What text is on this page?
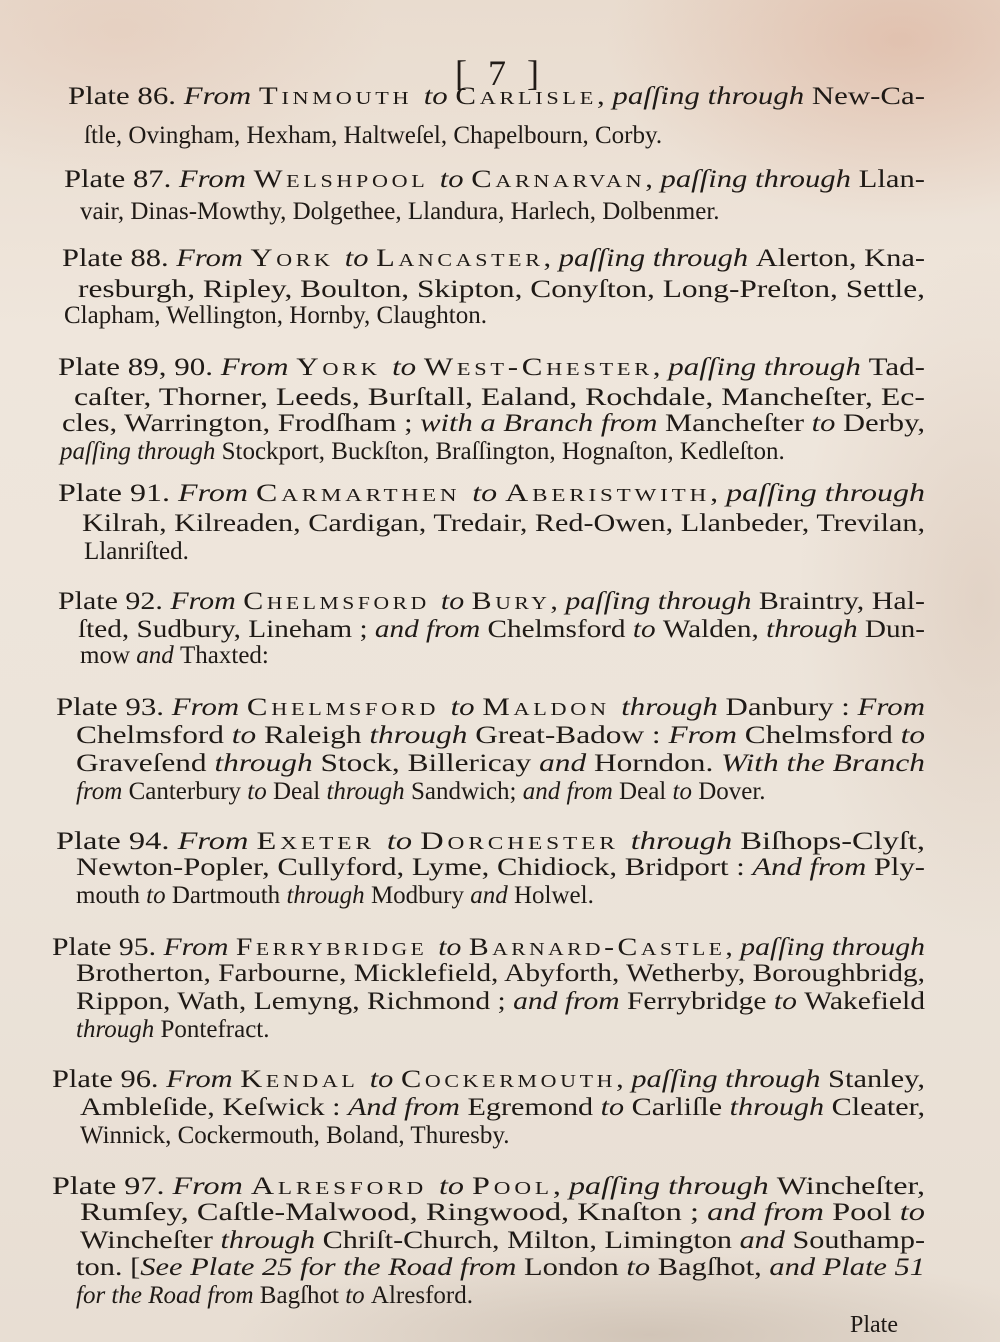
[ 7 ]
Plate 86. From Tinmouth to Carlisle, paſſing through New-Ca-
ſtle, Ovingham, Hexham, Haltweſel, Chapelbourn, Corby.
Plate 87. From Welshpool to Carnarvan, paſſing through Llan-
vair, Dinas-Mowthy, Dolgethee, Llandura, Harlech, Dolbenmer.
Plate 88. From York to Lancaster, paſſing through Alerton, Kna-
resburgh, Ripley, Boulton, Skipton, Conyſton, Long-Preſton, Settle,
Clapham, Wellington, Hornby, Claughton.
Plate 89, 90. From York to West-Chester, paſſing through Tad-
caſter, Thorner, Leeds, Burſtall, Ealand, Rochdale, Mancheſter, Ec-
cles, Warrington, Frodſham ; with a Branch from Mancheſter to Derby,
paſſing through Stockport, Buckſton, Braſſington, Hognaſton, Kedleſton.
Plate 91. From Carmarthen to Aberistwith, paſſing through
Kilrah, Kilreaden, Cardigan, Tredair, Red-Owen, Llanbeder, Trevilan,
Llanriſted.
Plate 92. From Chelmsford to Bury, paſſing through Braintry, Hal-
ſted, Sudbury, Lineham ; and from Chelmsford to Walden, through Dun-
mow and Thaxted:
Plate 93. From Chelmsford to Maldon through Danbury : From
Chelmsford to Raleigh through Great-Badow : From Chelmsford to
Graveſend through Stock, Billericay and Horndon. With the Branch
from Canterbury to Deal through Sandwich; and from Deal to Dover.
Plate 94. From Exeter to Dorchester through Biſhops-Clyſt,
Newton-Popler, Cullyford, Lyme, Chidiock, Bridport : And from Ply-
mouth to Dartmouth through Modbury and Holwel.
Plate 95. From Ferrybridge to Barnard-Castle, paſſing through
Brotherton, Farbourne, Micklefield, Abyforth, Wetherby, Boroughbridg,
Rippon, Wath, Lemyng, Richmond ; and from Ferrybridge to Wakefield
through Pontefract.
Plate 96. From Kendal to Cockermouth, paſſing through Stanley,
Ambleſide, Keſwick : And from Egremond to Carliſle through Cleater,
Winnick, Cockermouth, Boland, Thuresby.
Plate 97. From Alresford to Pool, paſſing through Wincheſter,
Rumſey, Caſtle-Malwood, Ringwood, Knaſton ; and from Pool to
Wincheſter through Chriſt-Church, Milton, Limington and Southamp-
ton. [See Plate 25 for the Road from London to Bagſhot, and Plate 51
for the Road from Bagſhot to Alresford.
Plate
